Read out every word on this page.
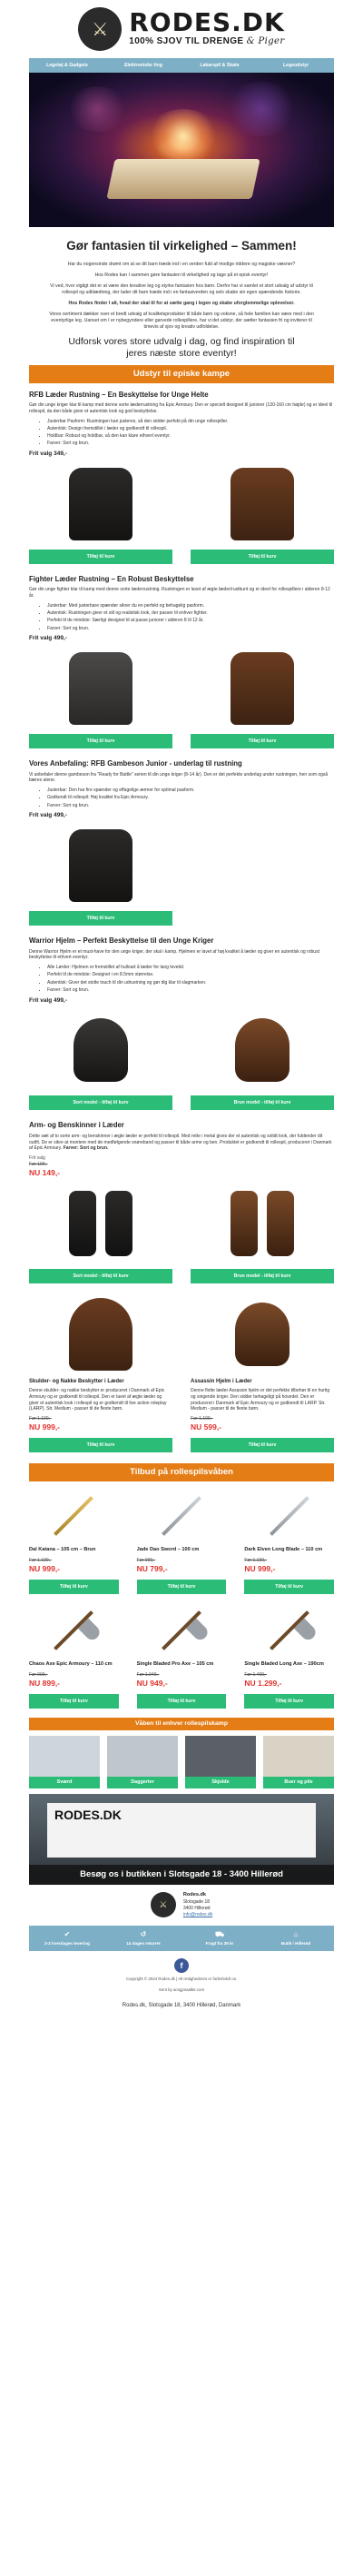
⚔ RODES.DK
100% SJOV TIL DRENGE & Piger
Legetøj & Gadgets	Elektroniske ting	Lakarspil & Skate	Legeudstyr
Gør fantasien til virkelighed – Sammen!

Har du nogensinde drømt om at se dit barn træde ind i en verden fuld af modige riddere og magiske væsner?

Hos Rodes kan I sammen gøre fantasien til virkelighed og tage på et episk eventyr!

Vi ved, hvor vigtigt det er at være den kreative leg og styrke fantasien hos børn. Derfor har vi samlet et stort udvalg af udstyr til rollespil og udklædning, der lader dit barn træde ind i en fantasiverden og selv skabe sin egen spændende historie.

Hos Rodes finder I alt, hvad der skal til for at sætte gang i legen og skabe uforglemmelige oplevelser.

Vores sortiment dækker over et bredt udvalg af kvalitetsprodukter til både børn og voksne, så hele familien kan være med i den eventyrlige leg. Uanset om I er nybegyndere eller garvede rollespillere, har vi det udstyr, der sætter fantasien fri og inviterer til timevis af sjov og kreativ udfoldelse.

Udforsk vores store udvalg i dag, og find inspiration til jeres næste store eventyr!
Udstyr til episke kampe
RFB Læder Rustning – En Beskyttelse for Unge Helte
Gør din unge kriger klar til kamp med denne sorte læderrustning fra Epic Armoury. Den er specielt designet til juniorer (130-160 cm højde) og er ideel til rollespil, da den både giver et autentisk look og god beskyttelse.
• Justerbar Pasform: Rustningen kan justeres, så den sidder perfekt på din unge rollespiller.
• Autentisk: Design fremstillet i læder og godkendt til rollespil.
• Holdbar: Robust og holdbar, så den kan klare ethvert eventyr.
• Farver: Sort og brun.
Frit valg 349,-
Tilføj til kurv	Tilføj til kurv
Fighter Læder Rustning – En Robust Beskyttelse
Gør din unge fighter klar til kamp med denne sorte læderrustning. Rustningen er lavet af ægte læder/rustbunt og er ideel for rollespillere i alderen 8-12 år.
• Justerbar: Med justerbare spænder sikrer du en perfekt og behagelig pasform.
• Autentisk: Rustningen giver et stil og realistisk look, der passer til enhver fighter.
• Perfekt til de mindste: Særligt designet til at passe juniorer i alderen 8 til 12 år.
• Farver: Sort og brun.
Frit valg 499,-
Tilføj til kurv	Tilføj til kurv
Vores Anbefaling: RFB Gambeson Junior - underlag til rustning
Vi anbefaler denne gambeson fra "Ready for Battle" serien til din unge kriger (8-14 år). Den er det perfekte underlag under rustningen, hen som også bæres alene.
• Justerbar: Den har fire spænder og effagelige ærmer for optimal pasform.
• Godkendt til rollespil: Høj kvalitet fra Epic Armoury.
• Farver: Sort og brun.
Frit valg 499,-
Tilføj til kurv
Warrior Hjelm – Perfekt Beskyttelse til den Unge Kriger
Denne Warrior Hjelm er et must-have for den unge kriger, der skal i kamp. Hjelmen er lavet af høj kvalitet å læder og giver en autentisk og robust beskyttelse til ethvert eventyr.
• Alle Lørder: Hjelmen er fremstillet af hulloart å læder for lang levetid.
• Perfekt til de mindste: Designet i en 8.5mm størrelse.
• Autentisk: Giver det stolte touch til din udrustning og gør dig klar til slagmarken.
• Farver: Sort og brun.
Frit valg 499,-
Sort model - tilføj til kurv	Brun model - tilføj til kurv
Arm- og Benskinner i Læder
Dette sæt af to sorte arm- og benskinner i ægte læder er perfekt til rollespil. Med rette i metal gives der et autentisk og solidt look, der fuldender dit outfit. De er sikre at montere med de medfølgende snøreband og passer til både arme og ben. Produktet er godkendt til rollespil, produceret i Danmark af Epic Armoury. Farver: Sort og brun.
Frit valg
Før 199,-
NU 149,-
Sort model - tilføj til kurv	Brun model - tilføj til kurv
Skulder- og Nakke Beskytter i Læder
Denne skulder- og nakke beskytter er produceret i Danmark af Epic Armoury og er godkendt til rollespil. Den er lavet af ægte læder og giver et autentisk look i rollespil og er godkendt til live action roleplay (LARP). Str. Medium - passer til de fleste børn.
Før 1.199,-
NU 999,-
Tilføj til kurv
Assassin Hjelm i Læder
Denne flotte læder Assassin hjelm er det perfekte tilbehør til en hurtig og snigende kriger. Den sidder behageligt på hovedet. Den er produceret i Danmark af Epic Armoury og er godkendt til LARP. Str. Medium - passer til de fleste børn.
Før 1.199,-
NU 599,-
Tilføj til kurv
Tilbud på rollespilsvåben
Dal Katana – 105 cm – Brun
Før 1.199,-
NU 999,-
Tilføj til kurv
Jade Dao Sword – 100 cm
Før 999,-
NU 799,-
Tilføj til kurv
Dark Elven Long Blade – 110 cm
Før 1.199,-
NU 999,-
Tilføj til kurv
Chaos Axe Epic Armoury – 110 cm
Før 999,-
NU 899,-
Tilføj til kurv
Single Bladed Pro Axe – 105 cm
Før 1.049,-
NU 949,-
Tilføj til kurv
Single Bladed Long Axe – 190cm
Før 1.499,-
NU 1.299,-
Tilføj til kurv
Våben til enhver rollespilskamp
Sværd	Daggerter	Skjolde	Buer og pile
RODES.DK
Besøg os i butikken i Slotsgade 18 - 3400 Hillerød
⚔
Rodes.dk
Slotsgade 18
3400 Hillerød
info@rodes.dk
✔
2-3 hverdages levering
↺
14 dages returret
⛟
Fragt fra 39 kr
⌂
Butik i Hillerød
f
Copyright © 2024 Rodes.dk | Alt rettighederes er forbeholdt os.
Sent by acejgmaaller.com
Rodes.dk, Slotsgade 18, 3400 Hillerød, Danmark
